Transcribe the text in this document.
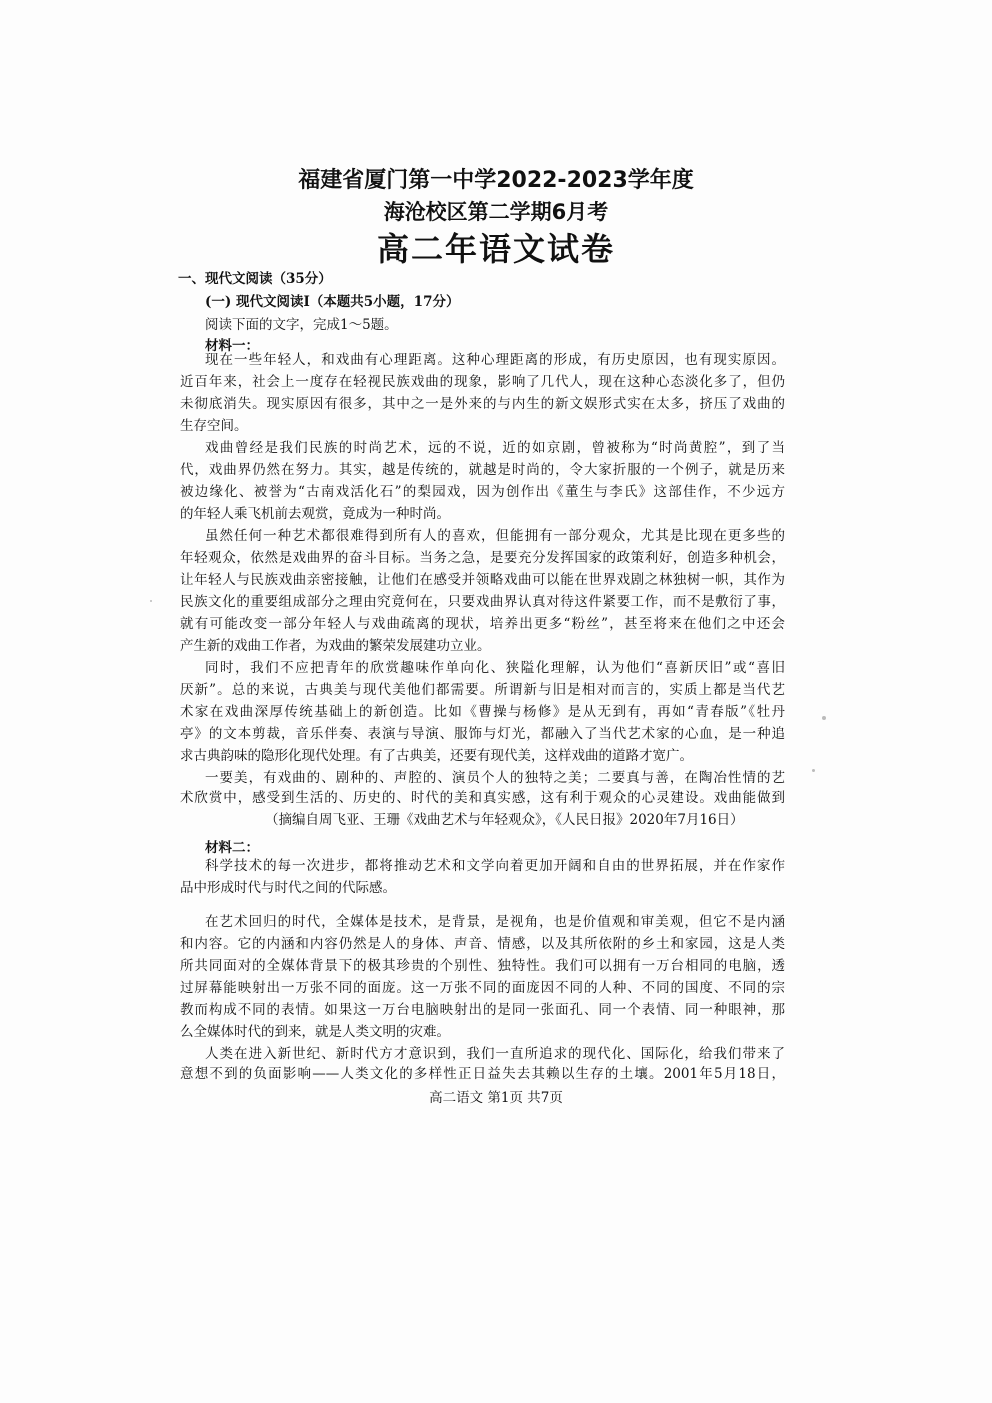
福建省厦门第一中学2022-2023学年度
海沧校区第二学期6月考
高二年语文试卷
一、现代文阅读（35分）
(一) 现代文阅读Ⅰ（本题共5小题，17分）
阅读下面的文字，完成1～5题。
材料一：
现在一些年轻人，和戏曲有心理距离。这种心理距离的形成，有历史原因，也有现实原因。
近百年来，社会上一度存在轻视民族戏曲的现象，影响了几代人，现在这种心态淡化多了，但仍
未彻底消失。现实原因有很多，其中之一是外来的与内生的新文娱形式实在太多，挤压了戏曲的
生存空间。
戏曲曾经是我们民族的时尚艺术，远的不说，近的如京剧，曾被称为“时尚黄腔”，到了当
代，戏曲界仍然在努力。其实，越是传统的，就越是时尚的，令大家折服的一个例子，就是历来
被边缘化、被誉为“古南戏活化石”的梨园戏，因为创作出《董生与李氏》这部佳作，不少远方
的年轻人乘飞机前去观赏，竟成为一种时尚。
虽然任何一种艺术都很难得到所有人的喜欢，但能拥有一部分观众，尤其是比现在更多些的
年轻观众，依然是戏曲界的奋斗目标。当务之急，是要充分发挥国家的政策利好，创造多种机会，
让年轻人与民族戏曲亲密接触，让他们在感受并领略戏曲可以能在世界戏剧之林独树一帜，其作为
民族文化的重要组成部分之理由究竟何在，只要戏曲界认真对待这件紧要工作，而不是敷衍了事，
就有可能改变一部分年轻人与戏曲疏离的现状，培养出更多“粉丝”，甚至将来在他们之中还会
产生新的戏曲工作者，为戏曲的繁荣发展建功立业。
同时，我们不应把青年的欣赏趣味作单向化、狭隘化理解，认为他们“喜新厌旧”或“喜旧
厌新”。总的来说，古典美与现代美他们都需要。所谓新与旧是相对而言的，实质上都是当代艺
术家在戏曲深厚传统基础上的新创造。比如《曹操与杨修》是从无到有，再如“青春版”《牡丹
亭》的文本剪裁，音乐伴奏、表演与导演、服饰与灯光，都融入了当代艺术家的心血，是一种追
求古典韵味的隐形化现代处理。有了古典美，还要有现代美，这样戏曲的道路才宽广。
一要美，有戏曲的、剧种的、声腔的、演员个人的独特之美；二要真与善，在陶冶性情的艺
术欣赏中，感受到生活的、历史的、时代的美和真实感，这有利于观众的心灵建设。戏曲能做到
（摘编自周飞亚、王珊《戏曲艺术与年轻观众》，《人民日报》2020年7月16日）
材料二：
科学技术的每一次进步，都将推动艺术和文学向着更加开阔和自由的世界拓展，并在作家作
品中形成时代与时代之间的代际感。
在艺术回归的时代，全媒体是技术，是背景，是视角，也是价值观和审美观，但它不是内涵
和内容。它的内涵和内容仍然是人的身体、声音、情感，以及其所依附的乡土和家园，这是人类
所共同面对的全媒体背景下的极其珍贵的个别性、独特性。我们可以拥有一万台相同的电脑，透
过屏幕能映射出一万张不同的面庞。这一万张不同的面庞因不同的人种、不同的国度、不同的宗
教而构成不同的表情。如果这一万台电脑映射出的是同一张面孔、同一个表情、同一种眼神，那
么全媒体时代的到来，就是人类文明的灾难。
人类在进入新世纪、新时代方才意识到，我们一直所追求的现代化、国际化，给我们带来了
意想不到的负面影响——人类文化的多样性正日益失去其赖以生存的土壤。2001年5月18日，
高二语文 第1页 共7页
